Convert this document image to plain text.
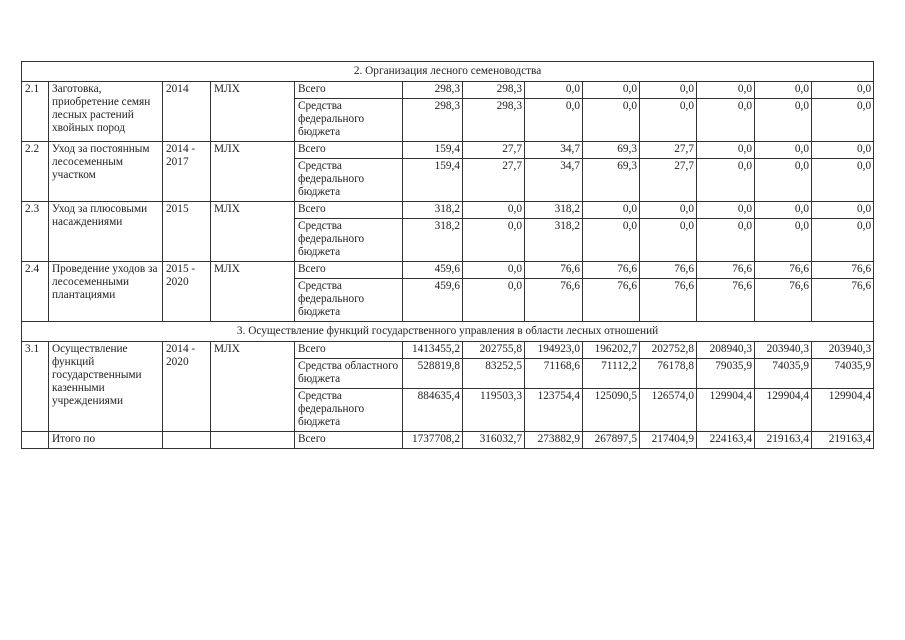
2. Организация лесного семеноводства												
2.1	Заготовка, приобретение семян лесных растений хвойных пород	2014	МЛХ	Всего	298,3	298,3	0,0	0,0	0,0	0,0	0,0	0,0
				Средства федерального бюджета	298,3	298,3	0,0	0,0	0,0	0,0	0,0	0,0
2.2	Уход за постоянным лесосеменным участком	2014 - 2017	МЛХ	Всего	159,4	27,7	34,7	69,3	27,7	0,0	0,0	0,0
				Средства федерального бюджета	159,4	27,7	34,7	69,3	27,7	0,0	0,0	0,0
2.3	Уход за плюсовыми насаждениями	2015	МЛХ	Всего	318,2	0,0	318,2	0,0	0,0	0,0	0,0	0,0
				Средства федерального бюджета	318,2	0,0	318,2	0,0	0,0	0,0	0,0	0,0
2.4	Проведение уходов за лесосеменными плантациями	2015 - 2020	МЛХ	Всего	459,6	0,0	76,6	76,6	76,6	76,6	76,6	76,6
				Средства федерального бюджета	459,6	0,0	76,6	76,6	76,6	76,6	76,6	76,6
3. Осуществление функций государственного управления в области лесных отношений												
3.1	Осуществление функций государственными казенными учреждениями	2014 - 2020	МЛХ	Всего	1413455,2	202755,8	194923,0	196202,7	202752,8	208940,3	203940,3	203940,3
				Средства областного бюджета	528819,8	83252,5	71168,6	71112,2	76178,8	79035,9	74035,9	74035,9
				Средства федерального бюджета	884635,4	119503,3	123754,4	125090,5	126574,0	129904,4	129904,4	129904,4
	Итого по			Всего	1737708,2	316032,7	273882,9	267897,5	217404,9	224163,4	219163,4	219163,4
